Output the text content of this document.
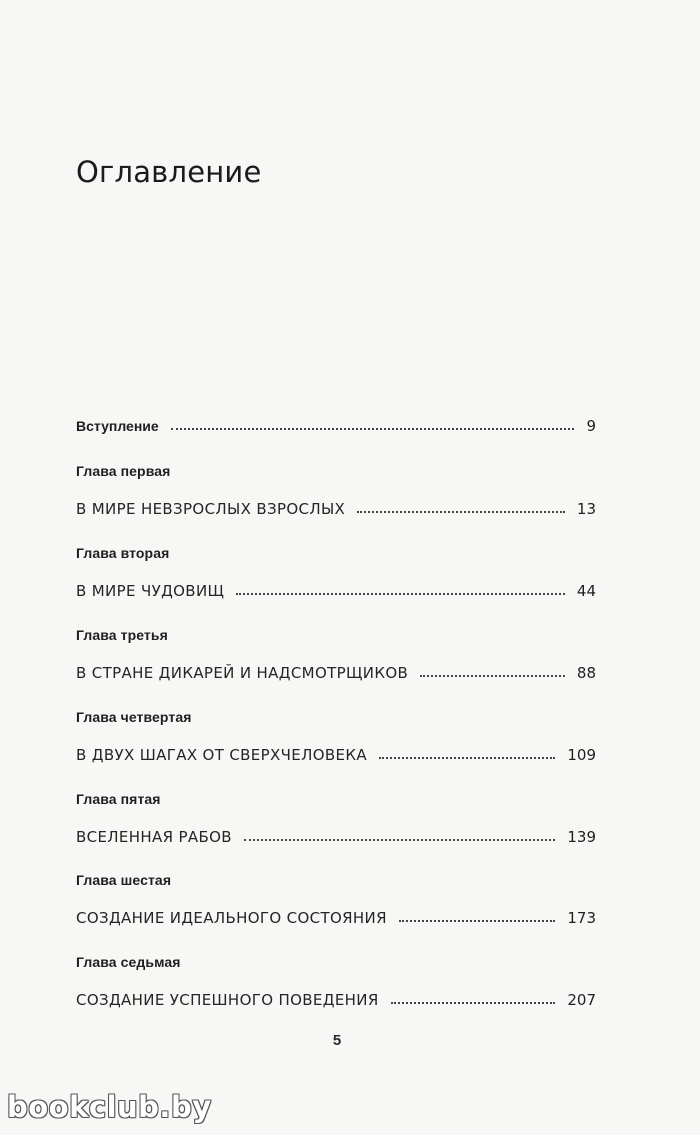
Оглавление
Вступление	9
Глава первая
В МИРЕ НЕВЗРОСЛЫХ ВЗРОСЛЫХ	13
Глава вторая
В МИРЕ ЧУДОВИЩ	44
Глава третья
В СТРАНЕ ДИКАРЕЙ И НАДСМОТРЩИКОВ	88
Глава четвертая
В ДВУХ ШАГАХ ОТ СВЕРХЧЕЛОВЕКА	109
Глава пятая
ВСЕЛЕННАЯ РАБОВ	139
Глава шестая
СОЗДАНИЕ ИДЕАЛЬНОГО СОСТОЯНИЯ	173
Глава седьмая
СОЗДАНИЕ УСПЕШНОГО ПОВЕДЕНИЯ	207
5
bookclub.by
